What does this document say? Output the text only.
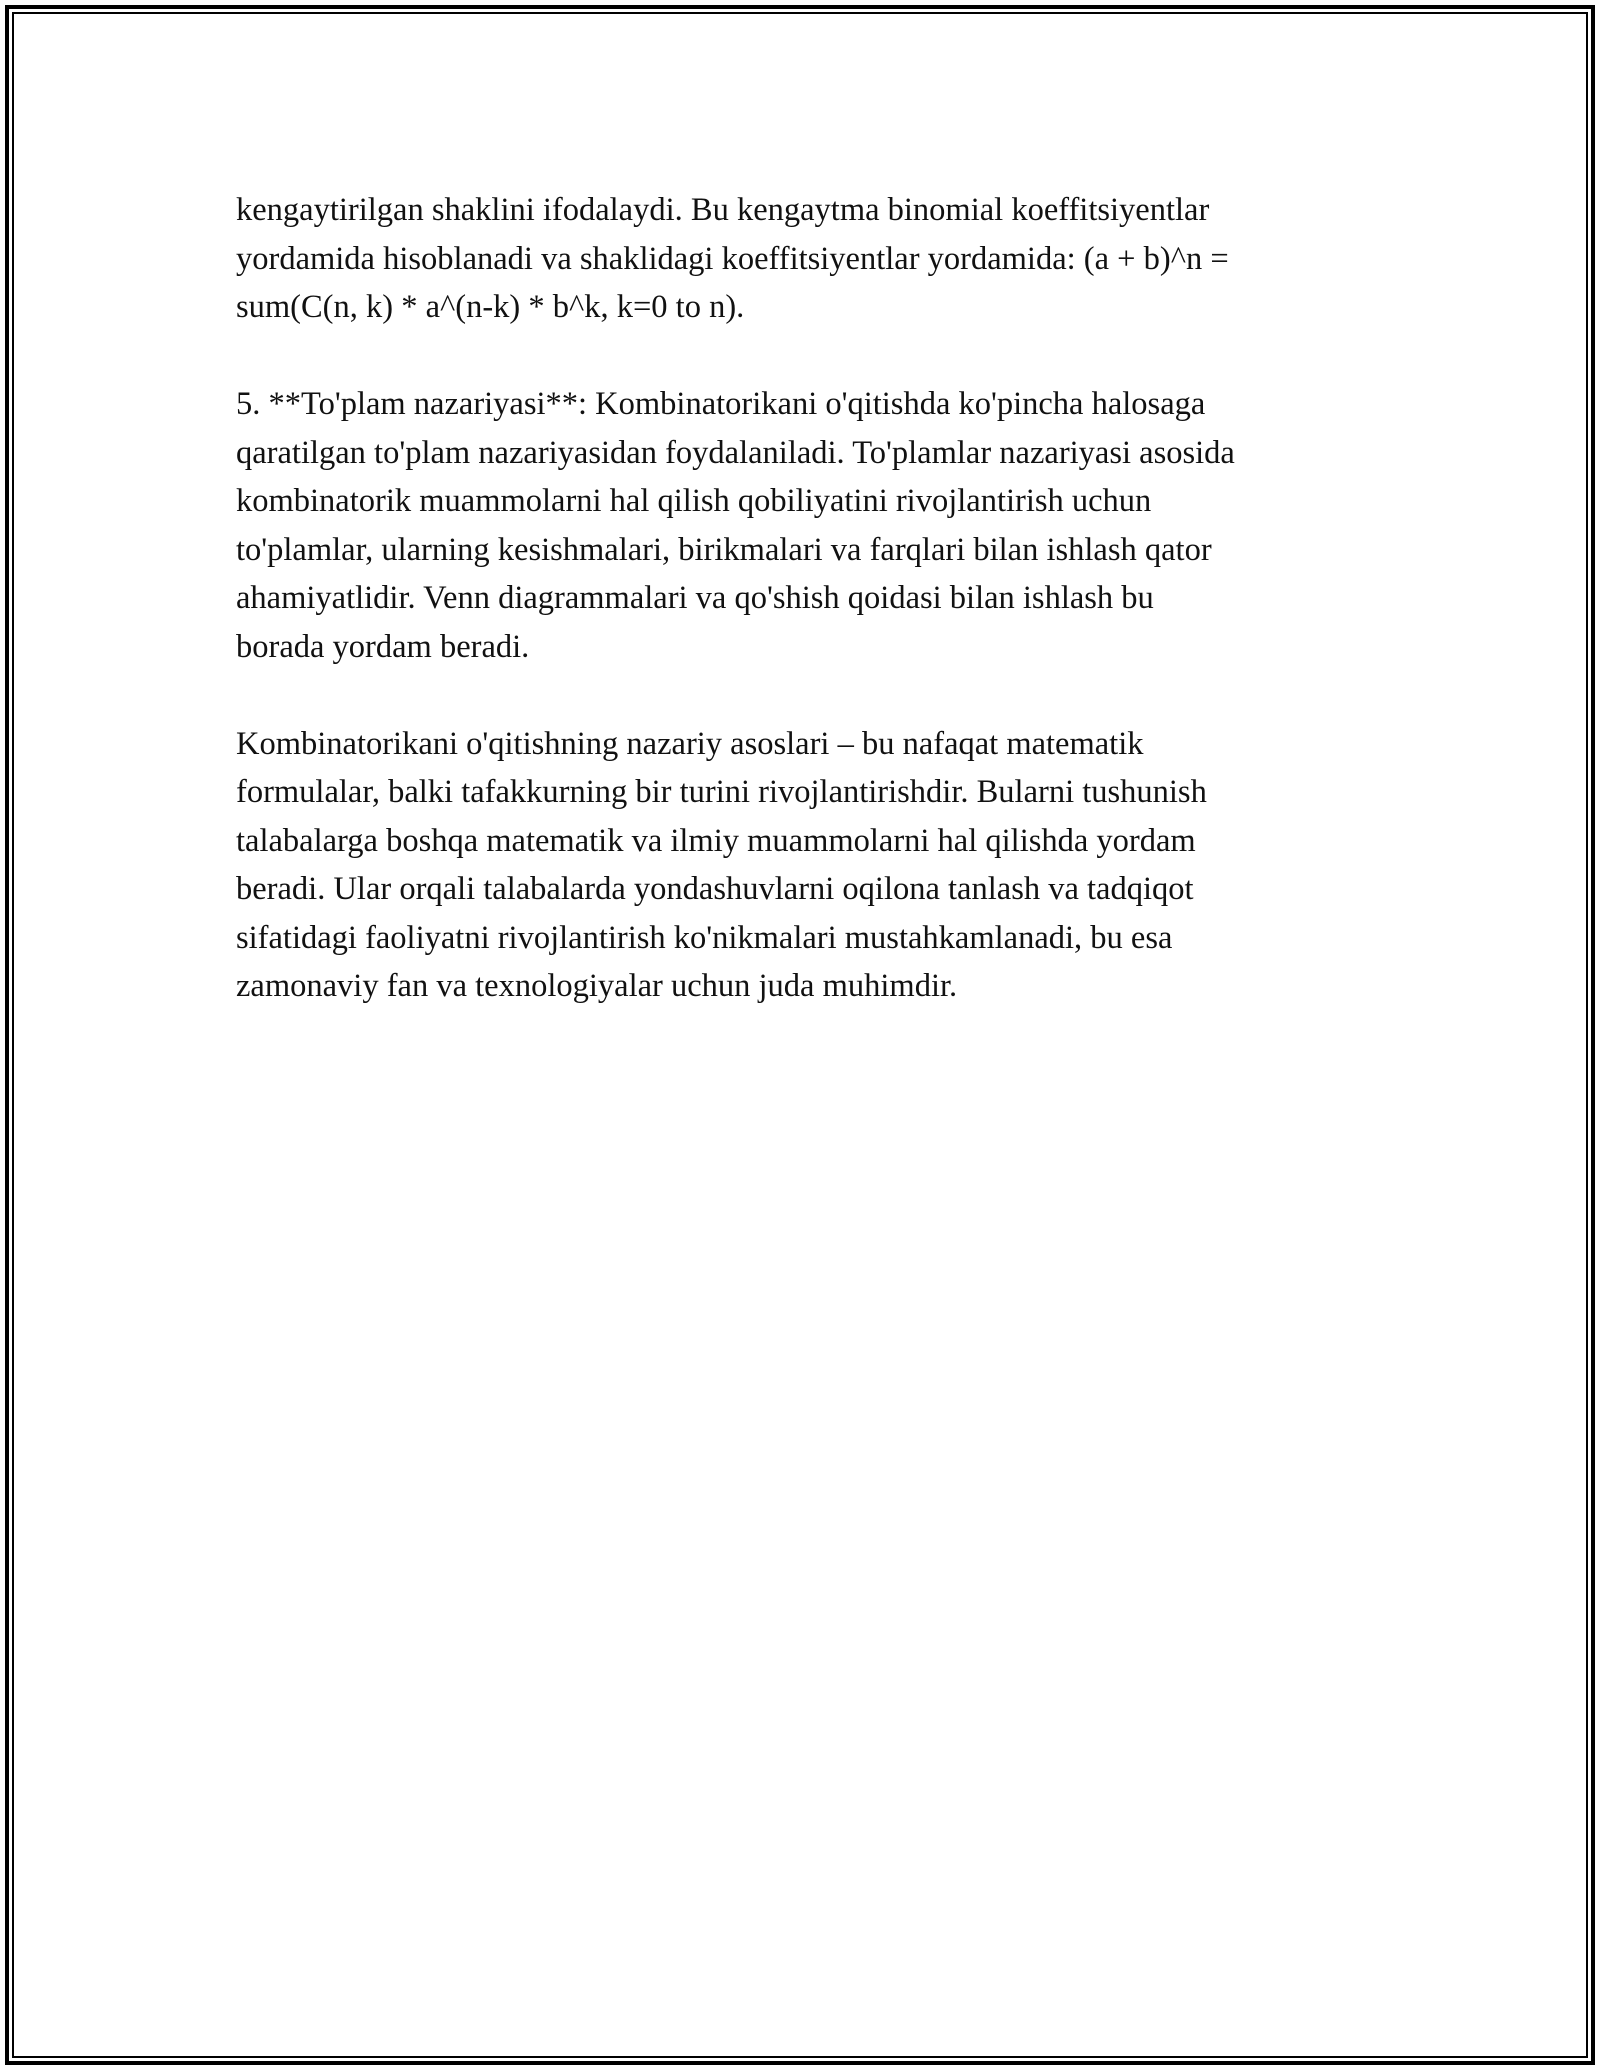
kengaytirilgan shaklini ifodalaydi. Bu kengaytma binomial koeffitsiyentlar
yordamida hisoblanadi va shaklidagi koeffitsiyentlar yordamida: (a + b)^n =
sum(C(n, k) * a^(n-k) * b^k, k=0 to n).

5. **To'plam nazariyasi**: Kombinatorikani o'qitishda ko'pincha halosaga
qaratilgan to'plam nazariyasidan foydalaniladi. To'plamlar nazariyasi asosida
kombinatorik muammolarni hal qilish qobiliyatini rivojlantirish uchun
to'plamlar, ularning kesishmalari, birikmalari va farqlari bilan ishlash qator
ahamiyatlidir. Venn diagrammalari va qo'shish qoidasi bilan ishlash bu
borada yordam beradi.

Kombinatorikani o'qitishning nazariy asoslari – bu nafaqat matematik
formulalar, balki tafakkurning bir turini rivojlantirishdir. Bularni tushunish
talabalarga boshqa matematik va ilmiy muammolarni hal qilishda yordam
beradi. Ular orqali talabalarda yondashuvlarni oqilona tanlash va tadqiqot
sifatidagi faoliyatni rivojlantirish ko'nikmalari mustahkamlanadi, bu esa
zamonaviy fan va texnologiyalar uchun juda muhimdir.
